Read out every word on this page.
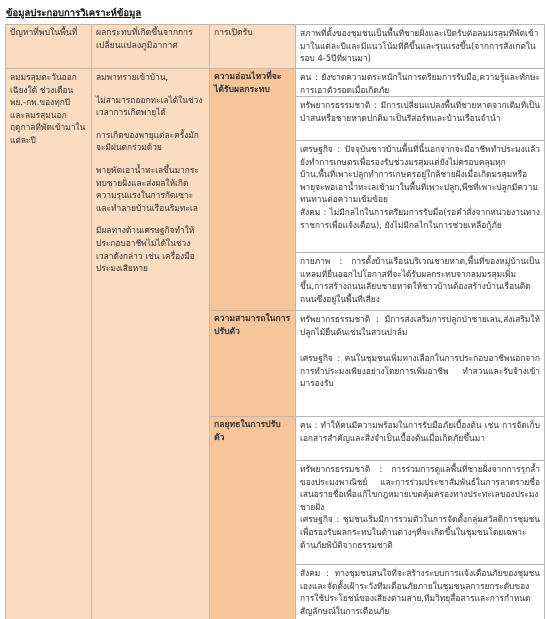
ข้อมูลประกอบการวิเคราะห์ข้อมูล
ปัญหาที่พบในพื้นที่	ผลกระทบที่เกิดขึ้นจากการเปลี่ยนแปลงภูมิอากาศ
การเปิดรับ	สภาพที่ตั้งของชุมชนเป็นพื้นที่ชายฝั่งและเปิดรับต่อลมมรสุมที่พัดเข้ามาในแต่ละปีและมีแนวโน้มที่ดีขึ้นและรุนแรงขึ้น(จากการสังเกตในรอบ 4-5ปีที่ผ่านมา)
ลมมรสุมตะวันออกเฉียงใต้ ช่วงเดือน พย.-กพ.ของทุกปี และลมรสุมนอกฤดูกาลที่พัดเข้ามาในแต่ละปี

ลมพาทรายเข้าบ้าน,

ไม่สามารถออกทะเลได้ในช่วงเวลาการเกิดพายุได้

การเกิดของพายุแต่ละครั้งมักจะมีฝนตกร่วมด้วย

พายุพัดเอาน้ำทะเลขึ้นมากระทบชายฝั่งและส่งผลให้เกิดความรุนแรงในการกัดเซาะและทำลายบ้านเรือนริมทะเล

มีผลทางด้านเศรษฐกิจทำให้ประกอบอาชีพไม่ได้ในช่วงเวลาดังกล่าว เช่น เครื่องมือประมงเสียหาย

ความอ่อนไหวที่จะได้รับผลกระทบ
ความสามารถในการปรับตัว
กลยุทธในการปรับตัว
คน : ยังขาดความตระหนักในการตรียมการรับมือ,ความรู้และทักษะการเอาตัวรอดเมื่อเกิดภัย
ทรัพยากรธรรมชาติ : มีการเปลี่ยนแปลงพื้นที่ชายหาดจากเดิมที่เป็นป่าสนหรือชายหาดปกติมาเป็นรีสอร์ทและบ้านเรือนจำนำ

เศรษฐกิจ : ปัจจุบันชาวบ้านพื้นที่นี้นอกจากจะมีอาชีพทำประมงแล้วยังทำการเกษตรเพื่อรองรับช่วงมรสุมแต่ยังไม่ครอบคลุมทุกบ้าน,พื้นที่เพาะปลูกทำการเกษตรอยู่ใกล้ชายฝั่งเมื่อเกิดมรสุมหรือพายุจะพอเอาน้ำทะเลเข้ามาในพื้นที่เพาะปลูก,พืชที่เพาะปลูกมีความทนทานต่อความเข้มข้อย

สังคม : ไม่มีกลไกในการตรียมการรับมือ(รอคำสั่งจากหน่วยงานทางราชการเพื่อแจ้งเตือน), ยังไม่มีกลไกในการช่วยเหลือกู้ภัย

กายภาพ : การตั้งบ้านเรือนบริเวณชายหาด,พื้นที่ของหมู่บ้านเป็นแหลมที่ยื่นออกไปโอกาสที่จะได้รับผลกระทบจากลมมรสุมเพิ่มขึ้น,การสร้างถนนเลียบชายหาดให้ชาวบ้านต้องสร้างบ้านเรือนติดถนนซึ่งอยู่ในพื้นที่เสี่ยง

ทรัพยากรธรรมชาติ : มีการส่งเสริมการปลูกป่าชายเลน,ส่งเสริมให้ปลูกไม้ยืนต้นเช่นในสวนปาล์ม

เศรษฐกิจ : คนในชุมชนเพิ่มทางเลือกในการประกอบอาชีพนอกจากการทำประมงเพียงอย่างโดยการเพิ่มอาชีพ ทำสวนและรับจ้างเข้ามารองรับ

คน : ทำให้คนมีความพร้อมในการรับมือภัยเบื้องต้น เช่น การจัดเก็บเอกสารสำคัญและสิ่งจำเป็นเบื้องต้นเมื่อเกิดภัยขึ้นมา

ทรัพยากรธรรมชาติ : การร่วมการดูแลพื้นที่ชายฝั่งจากการรุกล้ำของประมงพาณิชย์ และการร่วมประชาสัมพันธ์ในการลาดรายชื่อเสนอรายชื่อเพื่อแก้ไขกฎหมายเขตคุ้มครองทางประทะเลของประมงชายฝั่ง

เศรษฐกิจ : ชุมชนเริ่มมีการรวมตัวในการจัดตั้งกลุ่มสวัสดิการชุมชนเพื่อรองรับผลกระทบในด้านต่างๆที่จะเกิดขึ้นในชุมชนโดยเฉพาะด้านภัยพิบัติจากธรรมชาติ

สังคม : ทางชุมชนสนใจที่จะสร้างระบบการแจ้งเตือนภัยของชุมชนเองและจัดตั้งเฝ้าระวังทีมเตือนภัยภายในชุมชนลการยกระดับของการใช้ประโยชน์ของเสียงตามสาย,ทีมวิทยุสื่อสารและการกำหนดสัญลักษณ์ในการเตือนภัย
